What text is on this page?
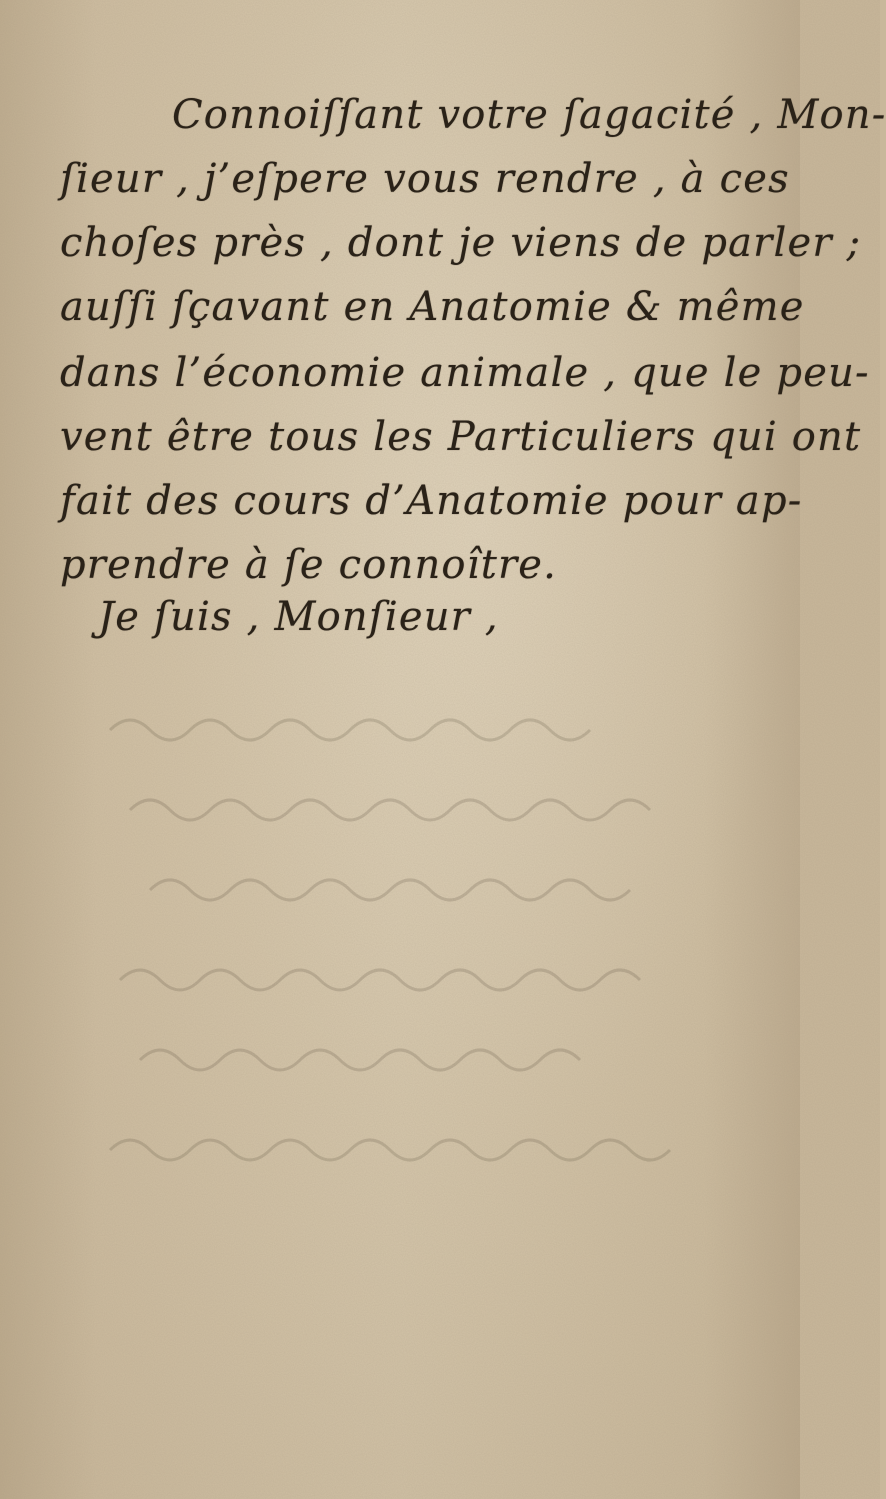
Connoiſſant votre ſagacité , Mon-
ſieur , j’eſpere vous rendre , à ces
choſes près , dont je viens de parler ;
auſſi ſçavant en Anatomie & même
dans l’économie animale , que le peu-
vent être tous les Particuliers qui ont
fait des cours d’Anatomie pour ap-
prendre à ſe connoître.
Je ſuis , Monſieur ,
